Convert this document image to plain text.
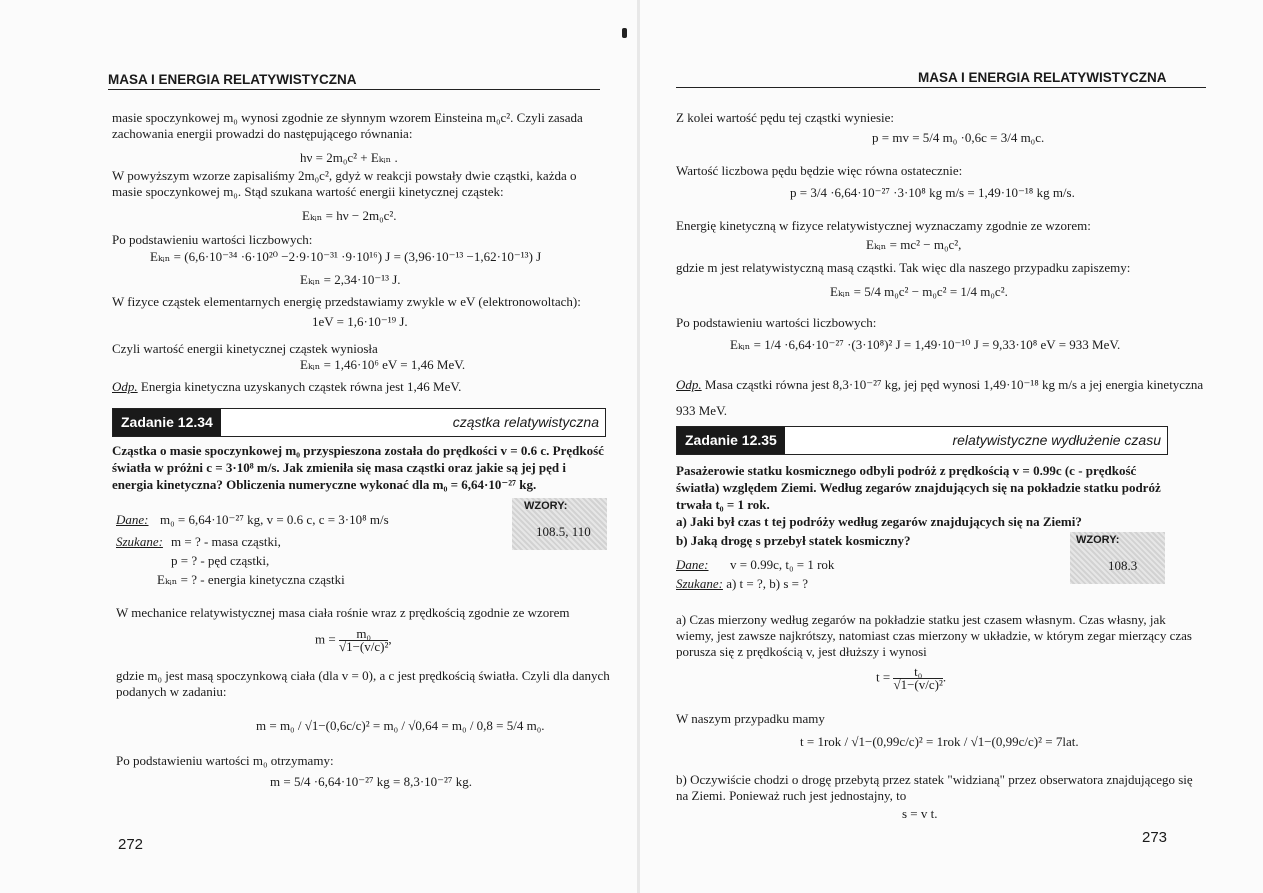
MASA I ENERGIA RELATYWISTYCZNA
masie spoczynkowej m₀ wynosi zgodnie ze słynnym wzorem Einsteina m₀c². Czyli zasada zachowania energii prowadzi do następującego równania:
hν = 2m₀c² + Eₖᵢₙ .
W powyższym wzorze zapisaliśmy 2m₀c², gdyż w reakcji powstały dwie cząstki, każda o masie spoczynkowej m₀. Stąd szukana wartość energii kinetycznej cząstek:
Eₖᵢₙ = hν − 2m₀c².
Po podstawieniu wartości liczbowych:
Eₖᵢₙ = (6,6·10⁻³⁴ ·6·10²⁰ −2·9·10⁻³¹ ·9·10¹⁶) J = (3,96·10⁻¹³ −1,62·10⁻¹³) J
Eₖᵢₙ = 2,34·10⁻¹³ J.
W fizyce cząstek elementarnych energię przedstawiamy zwykle w eV (elektronowoltach):
1eV = 1,6·10⁻¹⁹ J.
Czyli wartość energii kinetycznej cząstek wyniosła
Eₖᵢₙ = 1,46·10⁶ eV = 1,46 MeV.
Odp. Energia kinetyczna uzyskanych cząstek równa jest 1,46 MeV.
Zadanie 12.34	cząstka relatywistyczna
Cząstka o masie spoczynkowej m₀ przyspieszona została do prędkości v = 0.6 c. Prędkość światła w próżni c = 3·10⁸ m/s. Jak zmieniła się masa cząstki oraz jakie są jej pęd i energia kinetyczna? Obliczenia numeryczne wykonać dla m₀ = 6,64·10⁻²⁷ kg.
WZORY:
108.5, 110
Dane: m₀ = 6,64·10⁻²⁷ kg, v = 0.6 c, c = 3·10⁸ m/s
Szukane: m = ? - masa cząstki,
p = ? - pęd cząstki,
Eₖᵢₙ = ? - energia kinetyczna cząstki
W mechanice relatywistycznej masa ciała rośnie wraz z prędkością zgodnie ze wzorem
$m = \frac{\text{m₀}}{\text{√1−(v/c)²}}$ ,
gdzie m₀ jest masą spoczynkową ciała (dla v = 0), a c jest prędkością światła. Czyli dla danych podanych w zadaniu:
m = m₀ / √1−(0,6c/c)² = m₀ / √0,64 = m₀ / 0,8 = 5/4 m₀.
Po podstawieniu wartości m₀ otrzymamy:
m = 5/4 ·6,64·10⁻²⁷ kg = 8,3·10⁻²⁷ kg.
272
MASA I ENERGIA RELATYWISTYCZNA
Z kolei wartość pędu tej cząstki wyniesie:
p = mv = 5/4 m₀ ·0,6c = 3/4 m₀c.
Wartość liczbowa pędu będzie więc równa ostatecznie:
p = 3/4 ·6,64·10⁻²⁷ ·3·10⁸ kg m/s = 1,49·10⁻¹⁸ kg m/s.
Energię kinetyczną w fizyce relatywistycznej wyznaczamy zgodnie ze wzorem:
Eₖᵢₙ = mc² − m₀c²,
gdzie m jest relatywistyczną masą cząstki. Tak więc dla naszego przypadku zapiszemy:
Eₖᵢₙ = 5/4 m₀c² − m₀c² = 1/4 m₀c².
Po podstawieniu wartości liczbowych:
Eₖᵢₙ = 1/4 ·6,64·10⁻²⁷ ·(3·10⁸)² J = 1,49·10⁻¹⁰ J = 9,33·10⁸ eV = 933 MeV.
Odp. Masa cząstki równa jest 8,3·10⁻²⁷ kg, jej pęd wynosi 1,49·10⁻¹⁸ kg m/s a jej energia kinetyczna 933 MeV.
Zadanie 12.35	relatywistyczne wydłużenie czasu
Pasażerowie statku kosmicznego odbyli podróż z prędkością v = 0.99c (c - prędkość światła) względem Ziemi. Według zegarów znajdujących się na pokładzie statku podróż trwała t₀ = 1 rok.
a) Jaki był czas t tej podróży według zegarów znajdujących się na Ziemi?
b) Jaką drogę s przebył statek kosmiczny?	WZORY:
108.3
Dane: v = 0.99c, t₀ = 1 rok
Szukane: a) t = ?, b) s = ?
a) Czas mierzony według zegarów na pokładzie statku jest czasem własnym. Czas własny, jak wiemy, jest zawsze najkrótszy, natomiast czas mierzony w układzie, w którym zegar mierzący czas porusza się z prędkością v, jest dłuższy i wynosi
$t = \frac{\text{t₀}}{\text{√1−(v/c)²}}$ .
W naszym przypadku mamy
t = 1rok / √1−(0,99c/c)² = 1rok / √1−(0,99c/c)² = 7lat.
b) Oczywiście chodzi o drogę przebytą przez statek "widzianą" przez obserwatora znajdującego się na Ziemi. Ponieważ ruch jest jednostajny, to
s = v t.
273
